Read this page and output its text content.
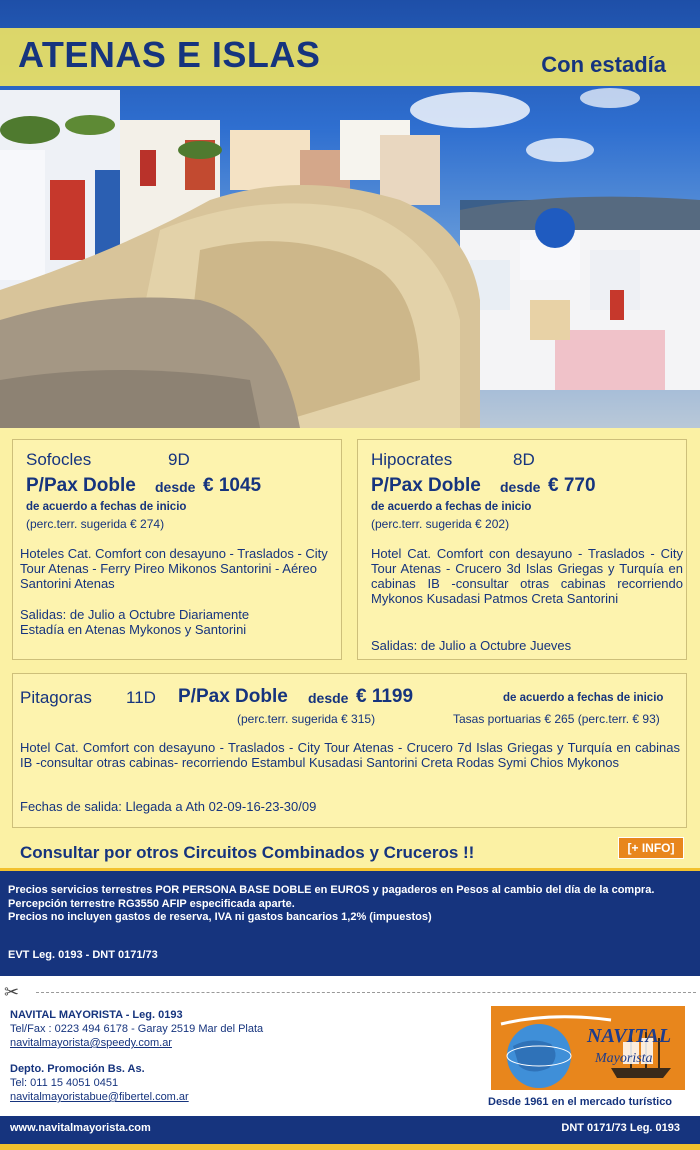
ATENAS E ISLAS	Con estadía
Sofocles	9D
P/Pax Doble desde € 1045
de acuerdo a fechas de inicio
(perc.terr. sugerida € 274)
Hoteles Cat. Comfort con desayuno - Traslados - City Tour Atenas - Ferry Pireo Mikonos Santorini - Aéreo Santorini Atenas
Salidas: de Julio a Octubre Diariamente
Estadía en Atenas Mykonos y Santorini
Hipocrates	8D
P/Pax Doble desde € 770
de acuerdo a fechas de inicio
(perc.terr. sugerida € 202)
Hotel Cat. Comfort con desayuno - Traslados - City Tour Atenas - Crucero 3d Islas Griegas y Turquía en cabinas IB -consultar otras cabinas recorriendo Mykonos Kusadasi Patmos Creta Santorini
Salidas: de Julio a Octubre Jueves
Pitagoras 11D P/Pax Doble desde € 1199	de acuerdo a fechas de inicio
(perc.terr. sugerida € 315)	Tasas portuarias € 265 (perc.terr. € 93)
Hotel Cat. Comfort con desayuno - Traslados - City Tour Atenas - Crucero 7d Islas Griegas y Turquía en cabinas IB -consultar otras cabinas- recorriendo Estambul Kusadasi Santorini Creta Rodas Symi Chios Mykonos
Fechas de salida: Llegada a Ath 02-09-16-23-30/09
Consultar por otros Circuitos Combinados y Cruceros !!	[+ INFO]
Precios servicios terrestres POR PERSONA BASE DOBLE en EUROS y pagaderos en Pesos al cambio del día de la compra. Percepción terrestre RG3550 AFIP especificada aparte.
Precios no incluyen gastos de reserva, IVA ni gastos bancarios 1,2% (impuestos)
EVT Leg. 0193 - DNT 0171/73
✂
NAVITAL MAYORISTA - Leg. 0193
Tel/Fax : 0223 494 6178 - Garay 2519 Mar del Plata
navitalmayorista@speedy.com.ar
Depto. Promoción Bs. As.
Tel: 011 15 4051 0451
navitalmayoristabue@fibertel.com.ar
NAVITAL
Mayorista
Desde 1961 en el mercado turístico
www.navitalmayorista.com	DNT 0171/73 Leg. 0193
